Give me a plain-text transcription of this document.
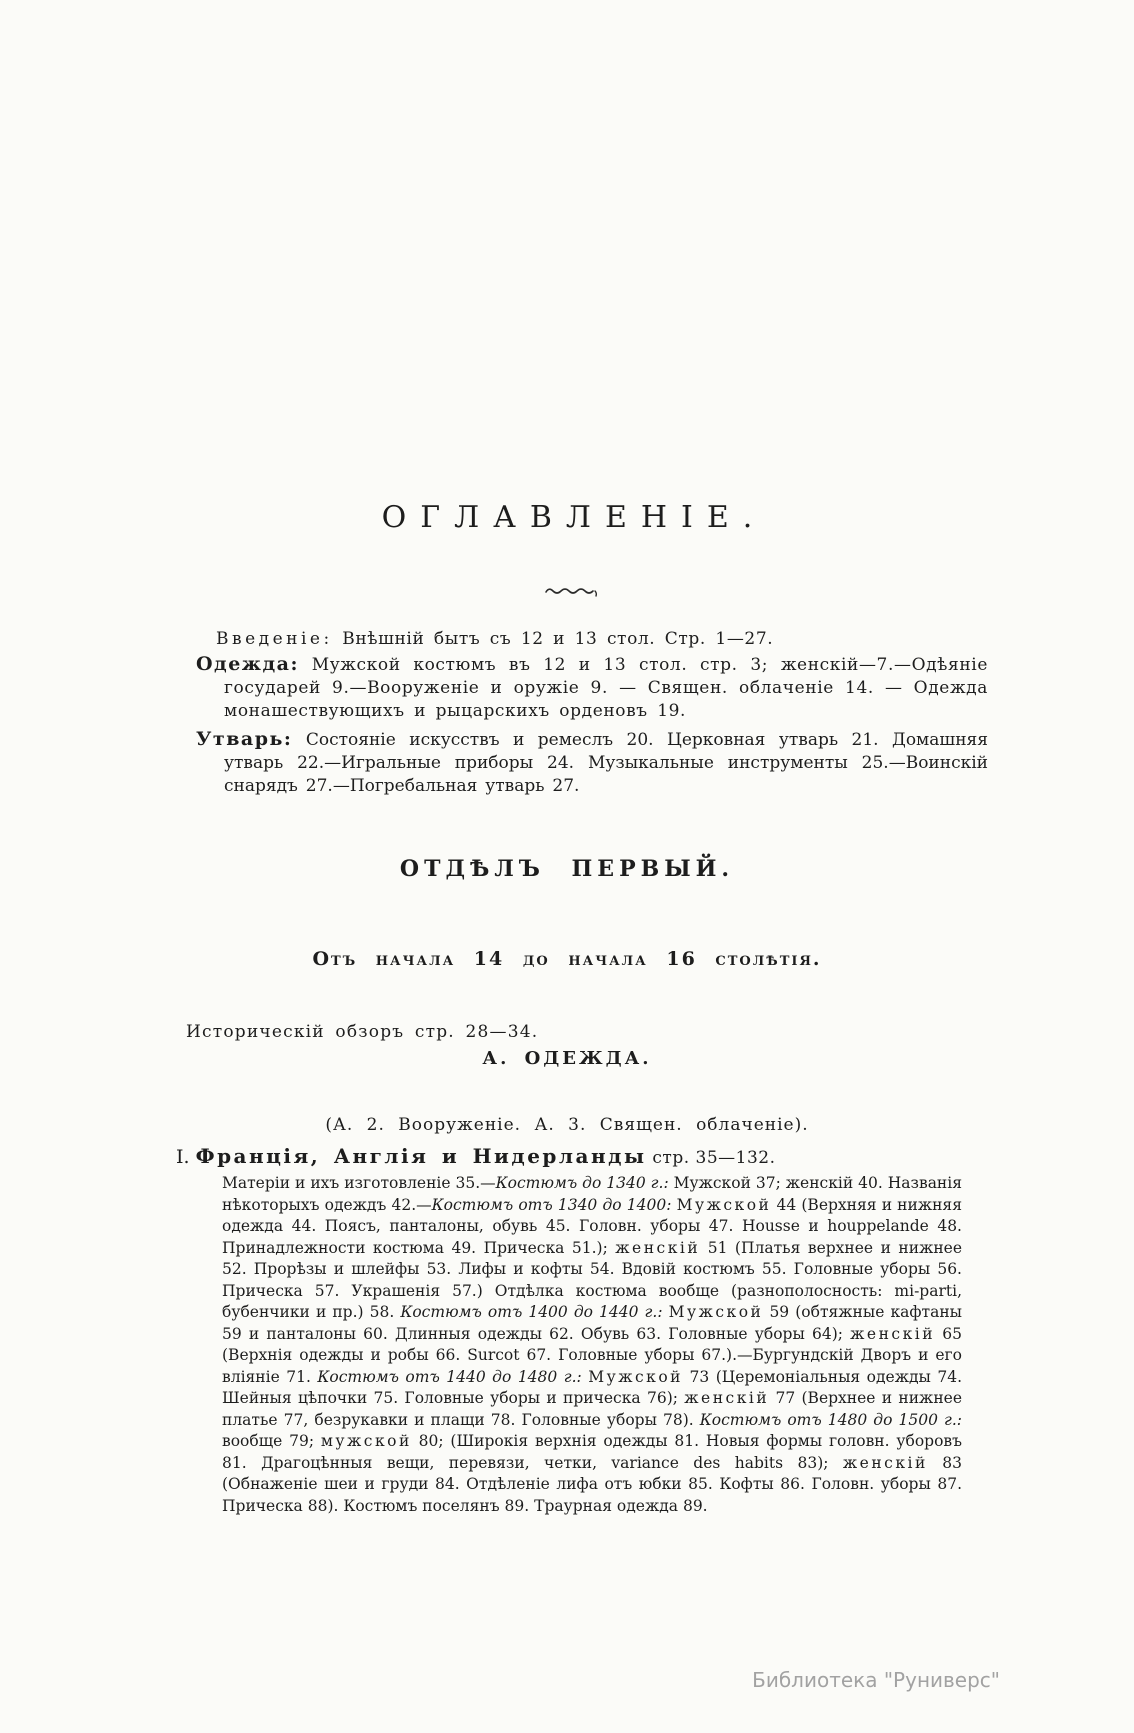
ОГЛАВЛЕНІЕ.
Введеніе: Внѣшній бытъ съ 12 и 13 стол. Стр. 1—27.
Одежда: Мужской костюмъ въ 12 и 13 стол. стр. 3; женскій—7.—Одѣяніе государей 9.—Вооруженіе и оружіе 9. — Священ. облаченіе 14. — Одежда монашествующихъ и рыцарскихъ орденовъ 19.
Утварь: Состояніе искусствъ и ремеслъ 20. Церковная утварь 21. Домашняя утварь 22.—Игральные приборы 24. Музыкальные инструменты 25.—Воинскій снарядъ 27.—Погребальная утварь 27.
ОТДѢЛЪ ПЕРВЫЙ.
Отъ начала 14 до начала 16 столѣтія.
Историческій обзоръ стр. 28—34.
А. ОДЕЖДА.
(А. 2. Вооруженіе. А. 3. Священ. облаченіе).
I. Франція, Англія и Нидерланды стр. 35—132.
Матеріи и ихъ изготовленіе 35.—Костюмъ до 1340 г.: Мужской 37; женскій 40. Названія нѣкоторыхъ одеждъ 42.—Костюмъ отъ 1340 до 1400: Мужской 44 (Верхняя и нижняя одежда 44. Поясъ, панталоны, обувь 45. Головн. уборы 47. Housse и houppelande 48. Принадлежности костюма 49. Прическа 51.); женскій 51 (Платья верхнее и нижнее 52. Прорѣзы и шлейфы 53. Лифы и кофты 54. Вдовій костюмъ 55. Головные уборы 56. Прическа 57. Украшенія 57.) Отдѣлка костюма вообще (разнополосность: mi-parti, бубенчики и пр.) 58. Костюмъ отъ 1400 до 1440 г.: Мужской 59 (обтяжные кафтаны 59 и панталоны 60. Длинныя одежды 62. Обувь 63. Головные уборы 64); женскій 65 (Верхнія одежды и робы 66. Surcot 67. Головные уборы 67.).—Бургундскій Дворъ и его вліяніе 71. Костюмъ отъ 1440 до 1480 г.: Мужской 73 (Церемоніальныя одежды 74. Шейныя цѣпочки 75. Головные уборы и прическа 76); женскій 77 (Верхнее и нижнее платье 77, безрукавки и плащи 78. Головные уборы 78). Костюмъ отъ 1480 до 1500 г.: вообще 79; мужской 80; (Широкія верхнія одежды 81. Новыя формы головн. уборовъ 81. Драгоцѣнныя вещи, перевязи, четки, variance des habits 83); женскій 83 (Обнаженіе шеи и груди 84. Отдѣленіе лифа отъ юбки 85. Кофты 86. Головн. уборы 87. Прическа 88). Костюмъ поселянъ 89. Траурная одежда 89.
Библиотека "Руниверс"
